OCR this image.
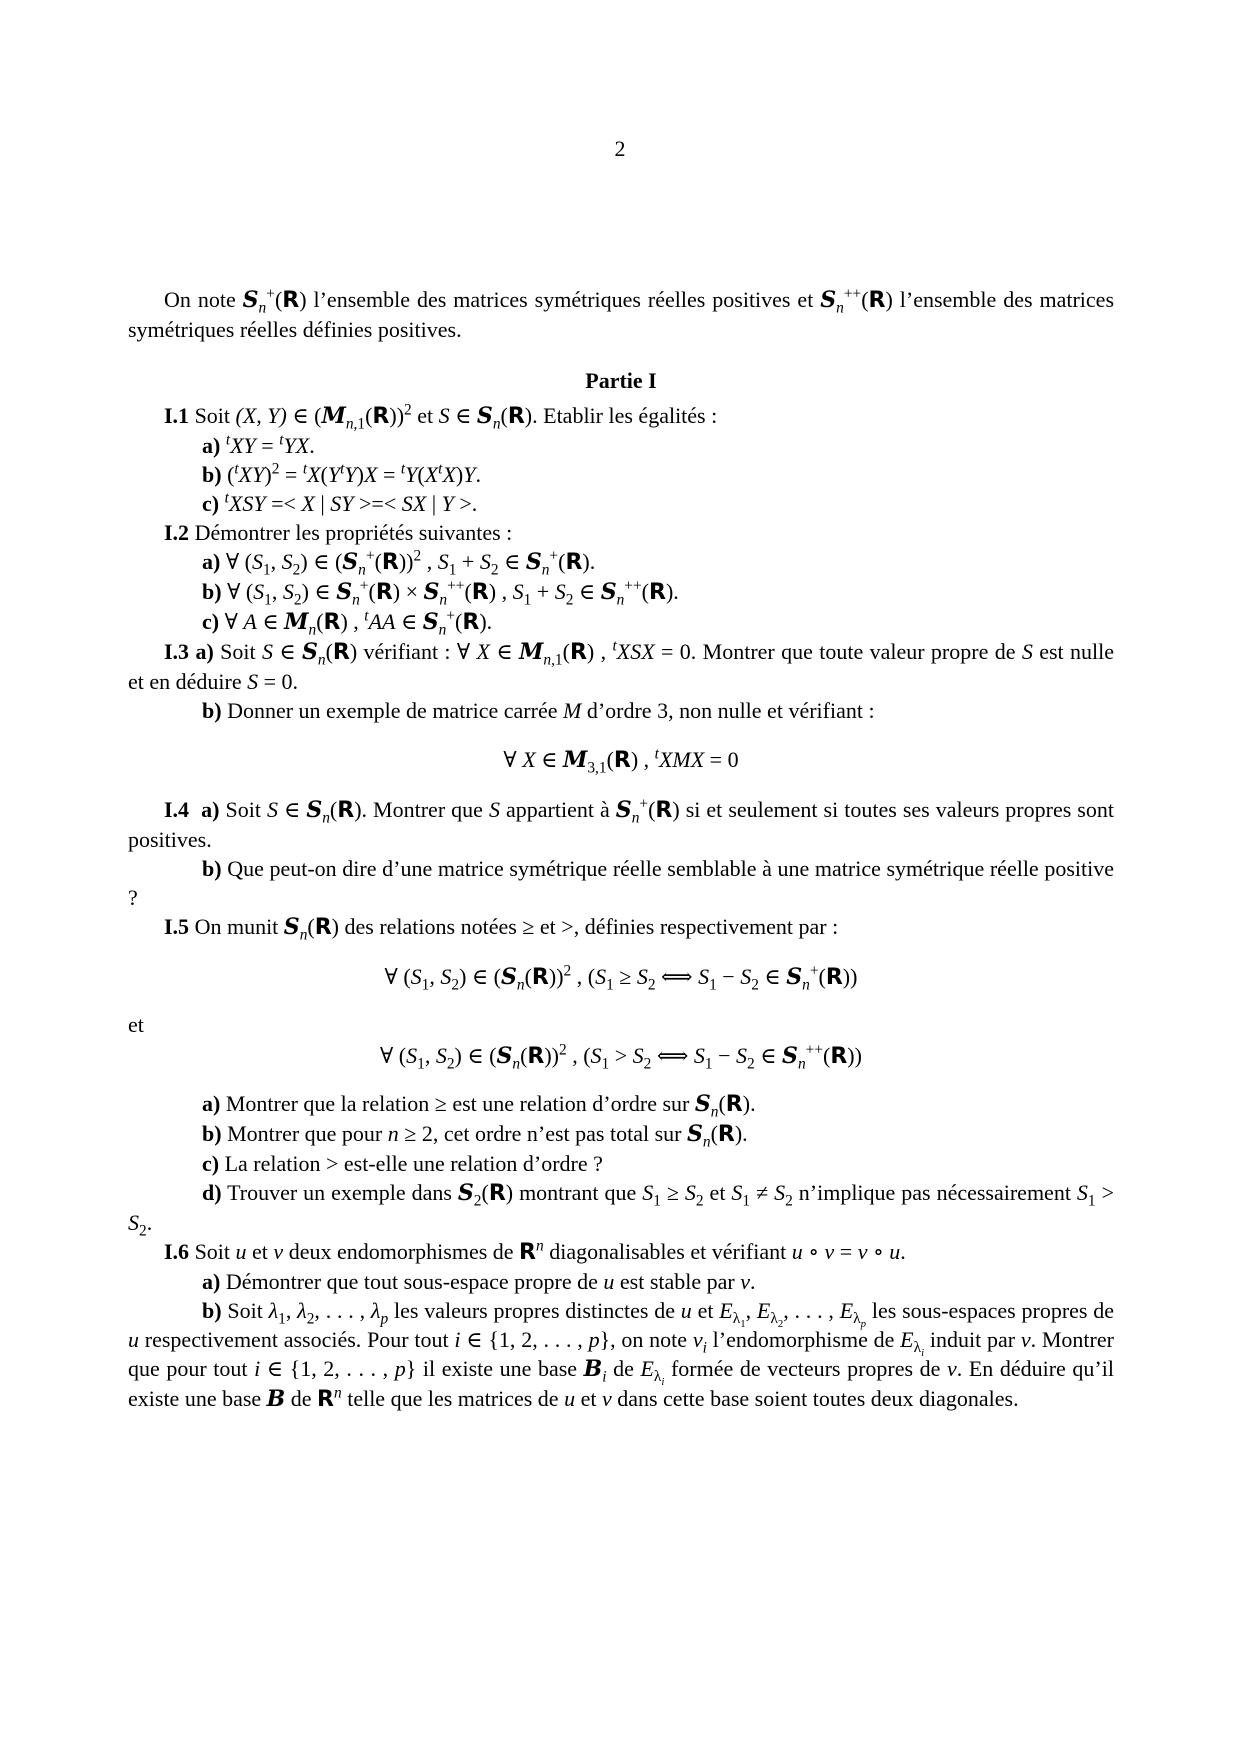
2

On note $S_n^+(R)$ l’ensemble des matrices symétriques réelles positives et $S_n^{++}(R)$ l’ensemble des matrices symétriques réelles définies positives.

Partie I

I.1 Soit (X, Y) ∈ $(M_{n,1}(R))^2$ et S ∈ $S_n(R)$. Etablir les égalités :

a) $^t$XY = $^t$YX.

b) $(^tXY)^2 = ^tX(Y^tY)X = ^tY(X^tX)Y$.

c) $^t$XSY =< X | SY >=< SX | Y >.

I.2 Démontrer les propriétés suivantes :

a) ∀ ($S_1$, $S_2$) ∈ $(S_n^+(R))^2$ , $S_1 + S_2$ ∈ $S_n^+(R)$.

b) ∀ ($S_1$, $S_2$) ∈ $S_n^+(R) \times S_n^{++}(R)$ , $S_1 + S_2$ ∈ $S_n^{++}(R)$.

c) ∀ A ∈ $M_n(R)$ , $^t$AA ∈ $S_n^+(R)$.

I.3 a) Soit S ∈ $S_n(R)$ vérifiant : ∀ X ∈ $M_{n,1}(R)$ , $^t$XSX = 0. Montrer que toute valeur propre de S est nulle et en déduire S = 0.

b) Donner un exemple de matrice carrée M d’ordre 3, non nulle et vérifiant :

∀ X ∈ $M_{3,1}(R)$ , $^t$XMX = 0

I.4 a) Soit S ∈ $S_n(R)$. Montrer que S appartient à $S_n^+(R)$ si et seulement si toutes ses valeurs propres sont positives.

b) Que peut-on dire d’une matrice symétrique réelle semblable à une matrice symétrique réelle positive ?

I.5 On munit $S_n(R)$ des relations notées ≥ et >, définies respectivement par :

∀ ($S_1$, $S_2$) ∈ $(S_n(R))^2$ , ($S_1 \ge S_2$ ⟺ $S_1 - S_2$ ∈ $S_n^+(R)$)

et

∀ ($S_1$, $S_2$) ∈ $(S_n(R))^2$ , ($S_1 > S_2$ ⟺ $S_1 - S_2$ ∈ $S_n^{++}(R)$)

a) Montrer que la relation ≥ est une relation d’ordre sur $S_n(R)$.

b) Montrer que pour n ≥ 2, cet ordre n’est pas total sur $S_n(R)$.

c) La relation > est-elle une relation d’ordre ?

d) Trouver un exemple dans $S_2(R)$ montrant que $S_1 \ge S_2$ et $S_1 \ne S_2$ n’implique pas nécessairement $S_1 > S_2$.

I.6 Soit u et v deux endomorphismes de $R^n$ diagonalisables et vérifiant u ∘ v = v ∘ u.

a) Démontrer que tout sous-espace propre de u est stable par v.

b) Soit $\lambda_1$, $\lambda_2$, . . . , $\lambda_p$ les valeurs propres distinctes de u et $E_{\lambda_1}$, $E_{\lambda_2}$, . . . , $E_{\lambda_p}$ les sous-espaces propres de u respectivement associés. Pour tout i ∈ {1, 2, . . . , p}, on note $v_i$ l’endomorphisme de $E_{\lambda_i}$ induit par v. Montrer que pour tout i ∈ {1, 2, . . . , p} il existe une base $B_i$ de $E_{\lambda_i}$ formée de vecteurs propres de v. En déduire qu’il existe une base B de $R^n$ telle que les matrices de u et v dans cette base soient toutes deux diagonales.
